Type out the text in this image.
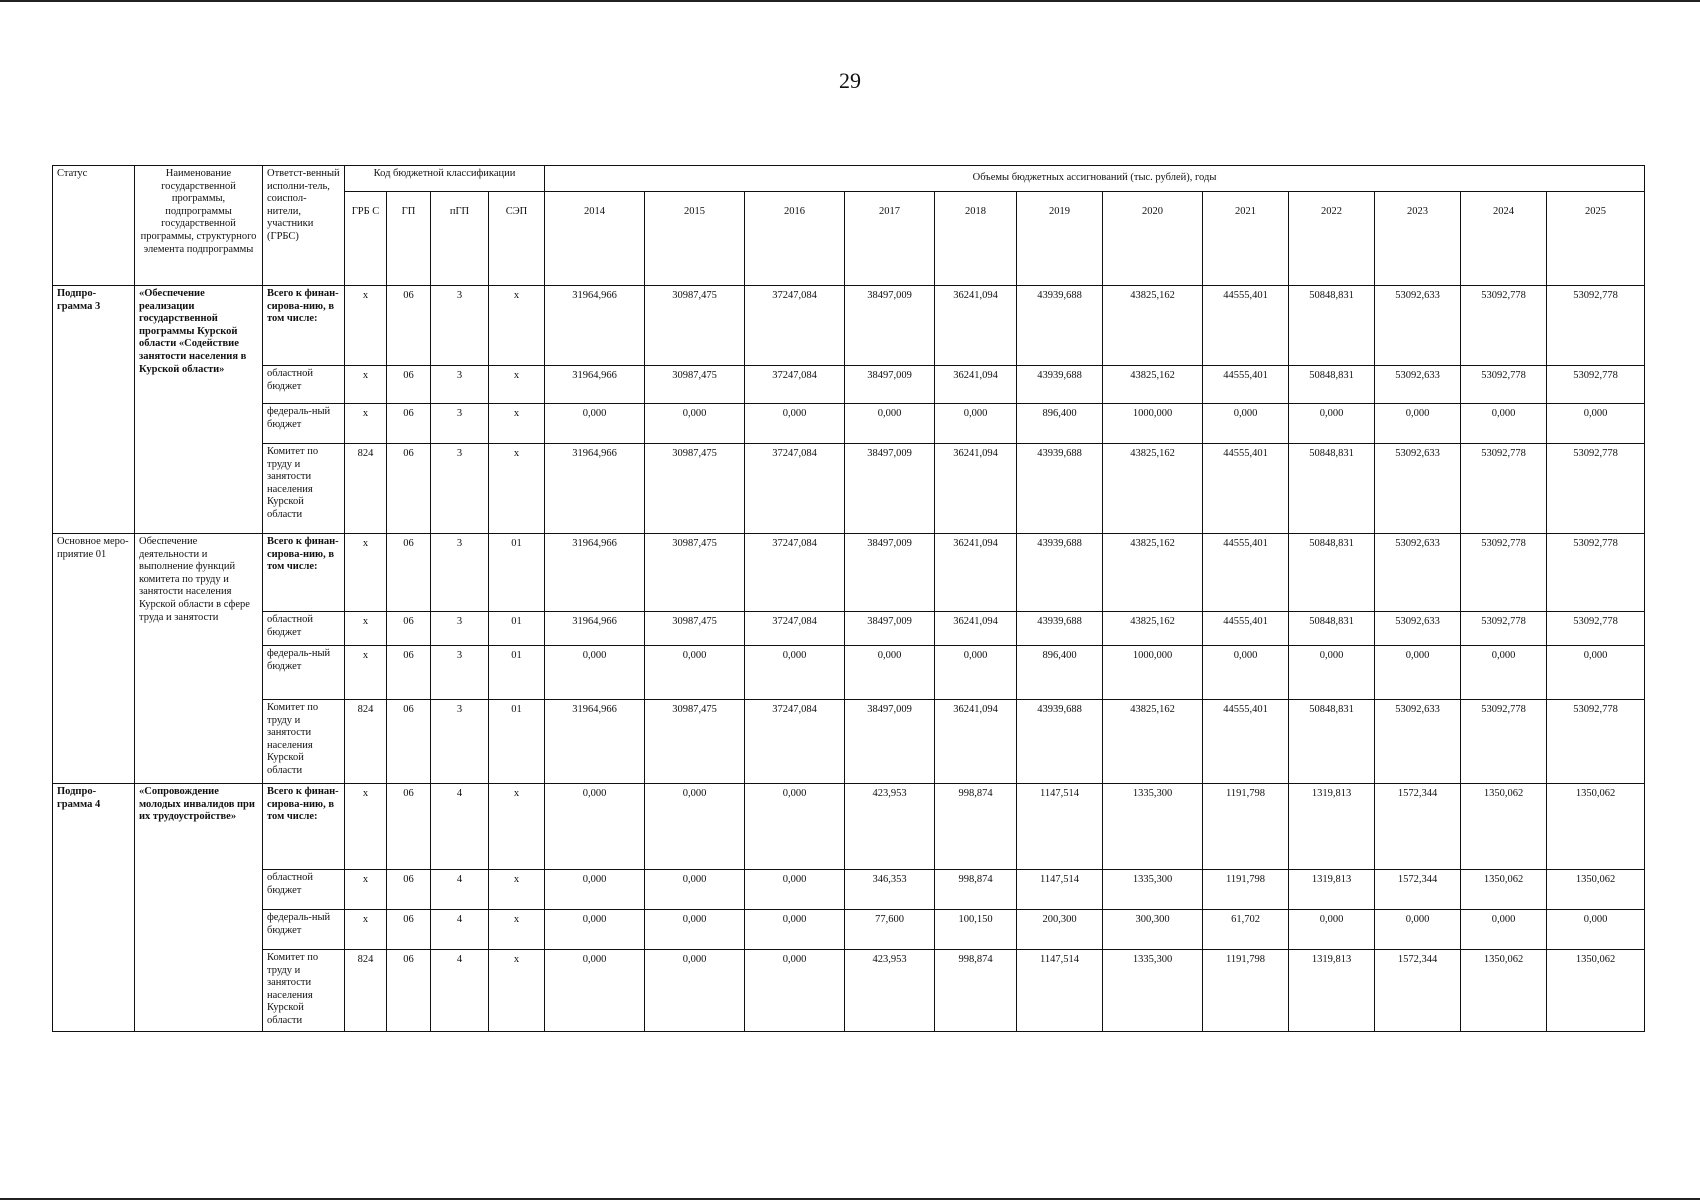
29
Статус	Наименование государственной программы, подпрограммы государственной программы, структурного элемента подпрограммы	Ответст-венный исполни-тель, соиспол-нители, участники (ГРБС)	Код бюджетной классификации				Объемы бюджетных ассигнований (тыс. рублей), годы											
			ГРБ С	ГП	пГП	СЭП	2014	2015	2016	2017	2018	2019	2020	2021	2022	2023	2024	2025
Подпро-грамма 3	«Обеспечение реализации государственной программы Курской области «Содействие занятости населения в Курской области»	Всего к финан-сирова-нию, в том числе:	х	06	3	х	31964,966	30987,475	37247,084	38497,009	36241,094	43939,688	43825,162	44555,401	50848,831	53092,633	53092,778	53092,778
		областной бюджет	х	06	3	х	31964,966	30987,475	37247,084	38497,009	36241,094	43939,688	43825,162	44555,401	50848,831	53092,633	53092,778	53092,778
		федераль-ный бюджет	х	06	3	х	0,000	0,000	0,000	0,000	0,000	896,400	1000,000	0,000	0,000	0,000	0,000	0,000
		Комитет по труду и занятости населения Курской области	824	06	3	х	31964,966	30987,475	37247,084	38497,009	36241,094	43939,688	43825,162	44555,401	50848,831	53092,633	53092,778	53092,778
Основное меро-приятие 01	Обеспечение деятельности и выполнение функций комитета по труду и занятости населения Курской области в сфере труда и занятости	Всего к финан-сирова-нию, в том числе:	х	06	3	01	31964,966	30987,475	37247,084	38497,009	36241,094	43939,688	43825,162	44555,401	50848,831	53092,633	53092,778	53092,778
		областной бюджет	х	06	3	01	31964,966	30987,475	37247,084	38497,009	36241,094	43939,688	43825,162	44555,401	50848,831	53092,633	53092,778	53092,778
		федераль-ный бюджет	х	06	3	01	0,000	0,000	0,000	0,000	0,000	896,400	1000,000	0,000	0,000	0,000	0,000	0,000
		Комитет по труду и занятости населения Курской области	824	06	3	01	31964,966	30987,475	37247,084	38497,009	36241,094	43939,688	43825,162	44555,401	50848,831	53092,633	53092,778	53092,778
Подпро-грамма 4	«Сопровождение молодых инвалидов при их трудоустройстве»	Всего к финан-сирова-нию, в том числе:	х	06	4	х	0,000	0,000	0,000	423,953	998,874	1147,514	1335,300	1191,798	1319,813	1572,344	1350,062	1350,062
		областной бюджет	х	06	4	х	0,000	0,000	0,000	346,353	998,874	1147,514	1335,300	1191,798	1319,813	1572,344	1350,062	1350,062
		федераль-ный бюджет	х	06	4	х	0,000	0,000	0,000	77,600	100,150	200,300	300,300	61,702	0,000	0,000	0,000	0,000
		Комитет по труду и занятости населения Курской области	824	06	4	х	0,000	0,000	0,000	423,953	998,874	1147,514	1335,300	1191,798	1319,813	1572,344	1350,062	1350,062
